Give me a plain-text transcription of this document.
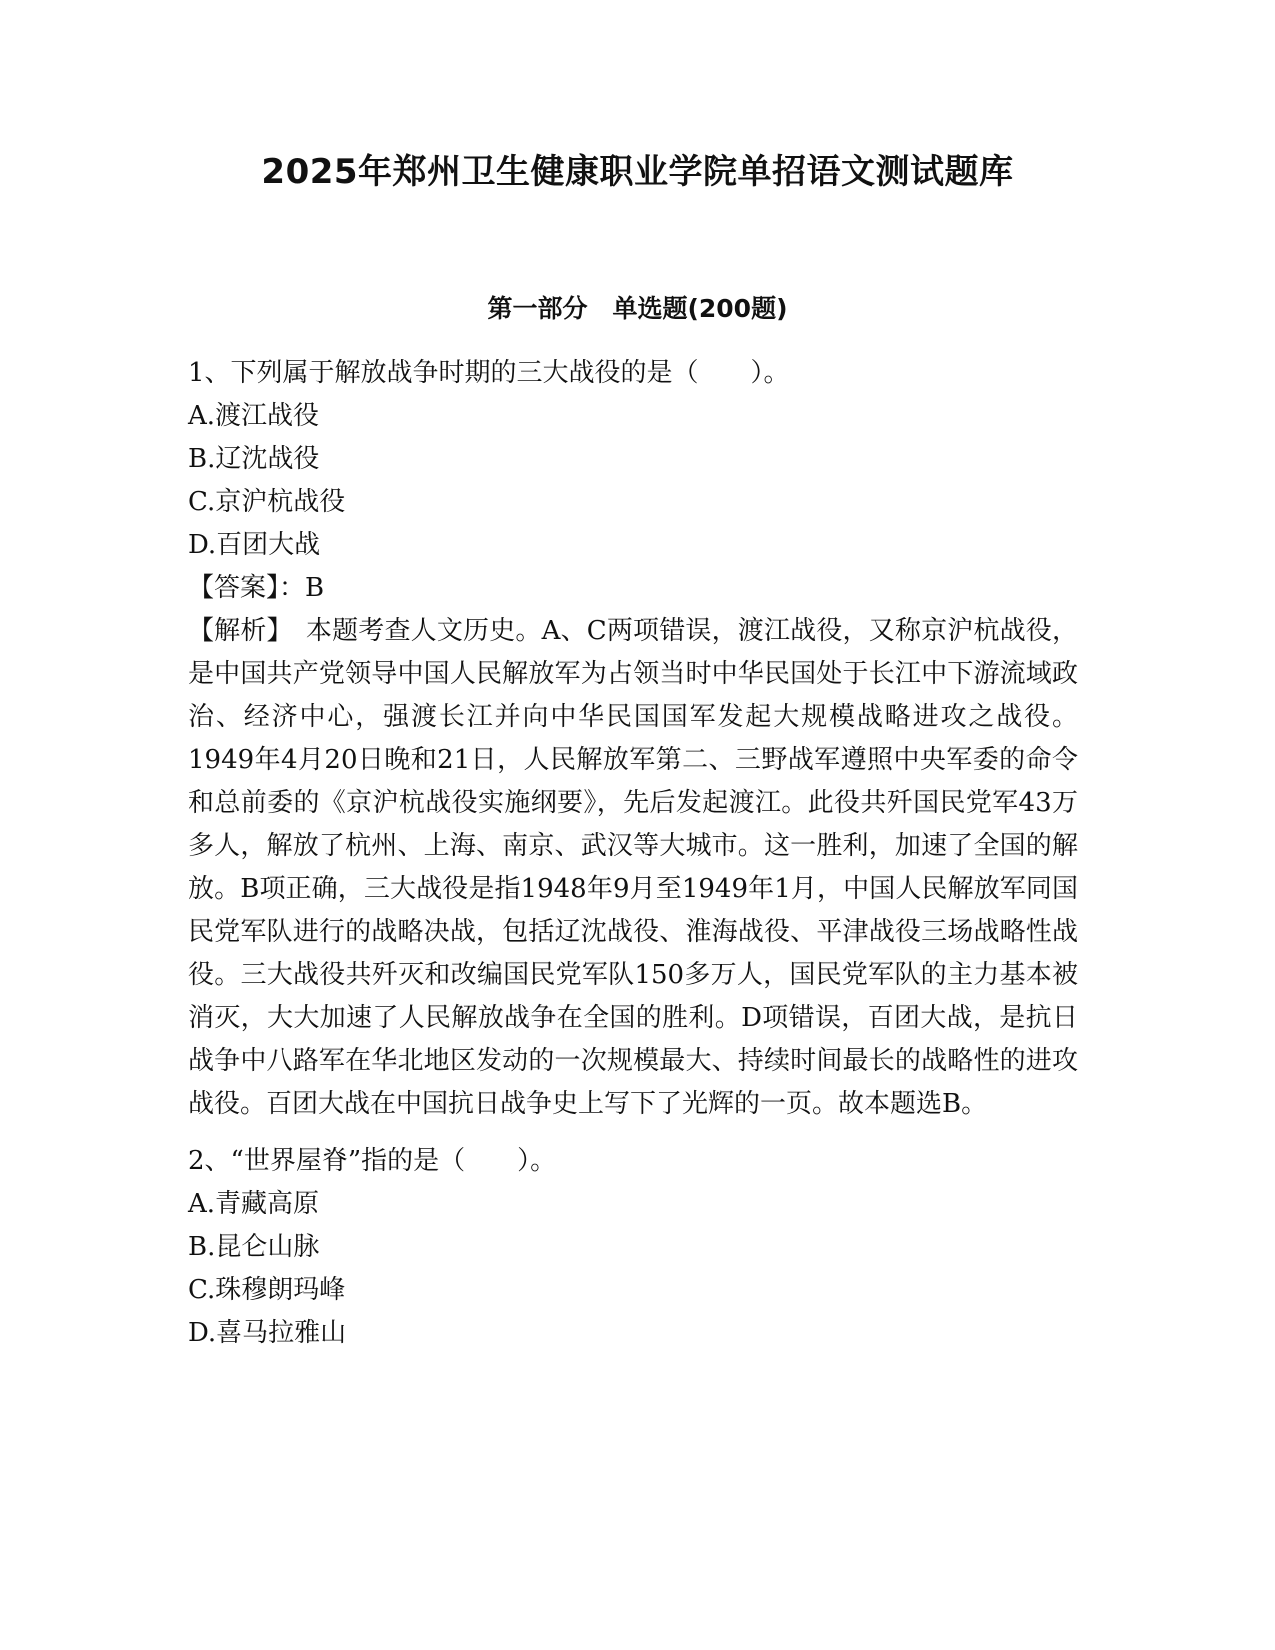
2025年郑州卫生健康职业学院单招语文测试题库
第一部分　单选题(200题)
1、下列属于解放战争时期的三大战役的是（　　）。
A.渡江战役
B.辽沈战役
C.京沪杭战役
D.百团大战
【答案】：B
【解析】　本题考查人文历史。A、C两项错误，渡江战役，又称京沪杭战役，是中国共产党领导中国人民解放军为占领当时中华民国处于长江中下游流域政治、经济中心，强渡长江并向中华民国国军发起大规模战略进攻之战役。1949年4月20日晚和21日，人民解放军第二、三野战军遵照中央军委的命令和总前委的《京沪杭战役实施纲要》，先后发起渡江。此役共歼国民党军43万多人，解放了杭州、上海、南京、武汉等大城市。这一胜利，加速了全国的解放。B项正确，三大战役是指1948年9月至1949年1月，中国人民解放军同国民党军队进行的战略决战，包括辽沈战役、淮海战役、平津战役三场战略性战役。三大战役共歼灭和改编国民党军队150多万人，国民党军队的主力基本被消灭，大大加速了人民解放战争在全国的胜利。D项错误，百团大战，是抗日战争中八路军在华北地区发动的一次规模最大、持续时间最长的战略性的进攻战役。百团大战在中国抗日战争史上写下了光辉的一页。故本题选B。
2、“世界屋脊”指的是（　　）。
A.青藏高原
B.昆仑山脉
C.珠穆朗玛峰
D.喜马拉雅山
